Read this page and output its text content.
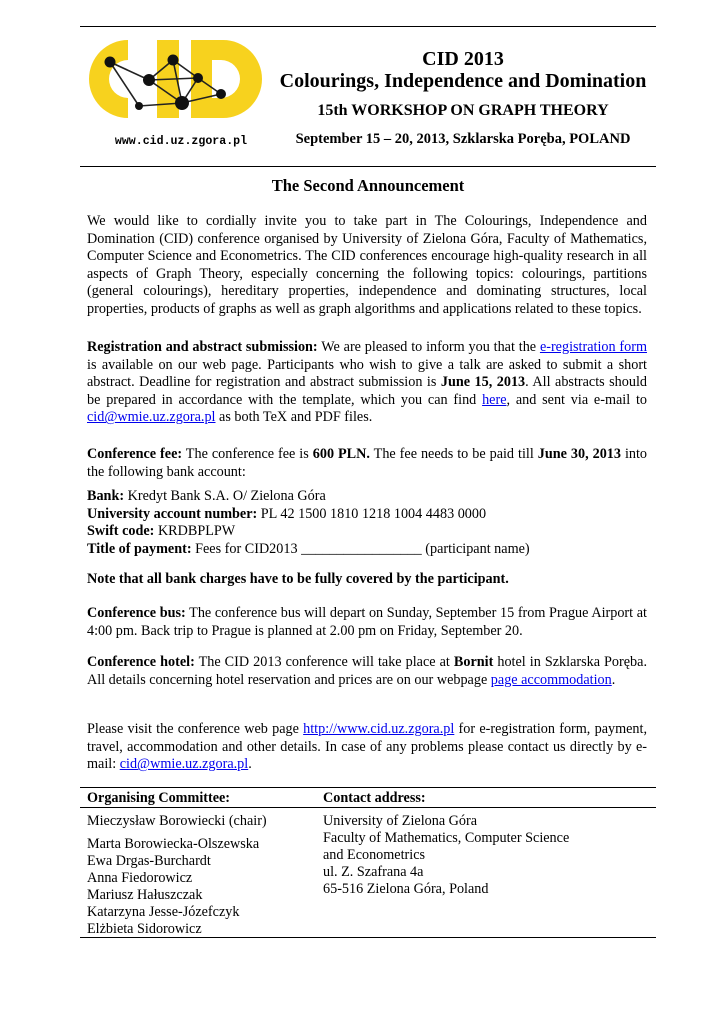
www.cid.uz.zgora.pl
CID 2013
Colourings, Independence and Domination
15th WORKSHOP ON GRAPH THEORY
September 15 – 20, 2013, Szklarska Poręba, POLAND
The Second Announcement
We would like to cordially invite you to take part in The Colourings, Independence and Domination (CID) conference organised by University of Zielona Góra, Faculty of Mathematics, Computer Science and Econometrics. The CID conferences encourage high-quality research in all aspects of Graph Theory, especially concerning the following topics: colourings, partitions (general colourings), hereditary properties, independence and dominating structures, local properties, products of graphs as well as graph algorithms and applications related to these topics.
Registration and abstract submission: We are pleased to inform you that the e-registration form is available on our web page. Participants who wish to give a talk are asked to submit a short abstract. Deadline for registration and abstract submission is June 15, 2013. All abstracts should be prepared in accordance with the template, which you can find here, and sent via e-mail to cid@wmie.uz.zgora.pl as both TeX and PDF files.
Conference fee: The conference fee is 600 PLN. The fee needs to be paid till June 30, 2013 into the following bank account:
Bank: Kredyt Bank S.A. O/ Zielona Góra
University account number: PL 42 1500 1810 1218 1004 4483 0000
Swift code: KRDBPLPW
Title of payment: Fees for CID2013 _________________ (participant name)
Note that all bank charges have to be fully covered by the participant.
Conference bus: The conference bus will depart on Sunday, September 15 from Prague Airport at 4:00 pm. Back trip to Prague is planned at 2.00 pm on Friday, September 20.
Conference hotel: The CID 2013 conference will take place at Bornit hotel in Szklarska Poręba. All details concerning hotel reservation and prices are on our webpage page accommodation.
Please visit the conference web page http://www.cid.uz.zgora.pl for e-registration form, payment, travel, accommodation and other details. In case of any problems please contact us directly by e-mail: cid@wmie.uz.zgora.pl.
Organising Committee:
Mieczysław Borowiecki (chair)
Marta Borowiecka-Olszewska
Ewa Drgas-Burchardt
Anna Fiedorowicz
Mariusz Hałuszczak
Katarzyna Jesse-Józefczyk
Elżbieta Sidorowicz
Contact address:
University of Zielona Góra
Faculty of Mathematics, Computer Science
and Econometrics
ul. Z. Szafrana 4a
65-516 Zielona Góra, Poland
